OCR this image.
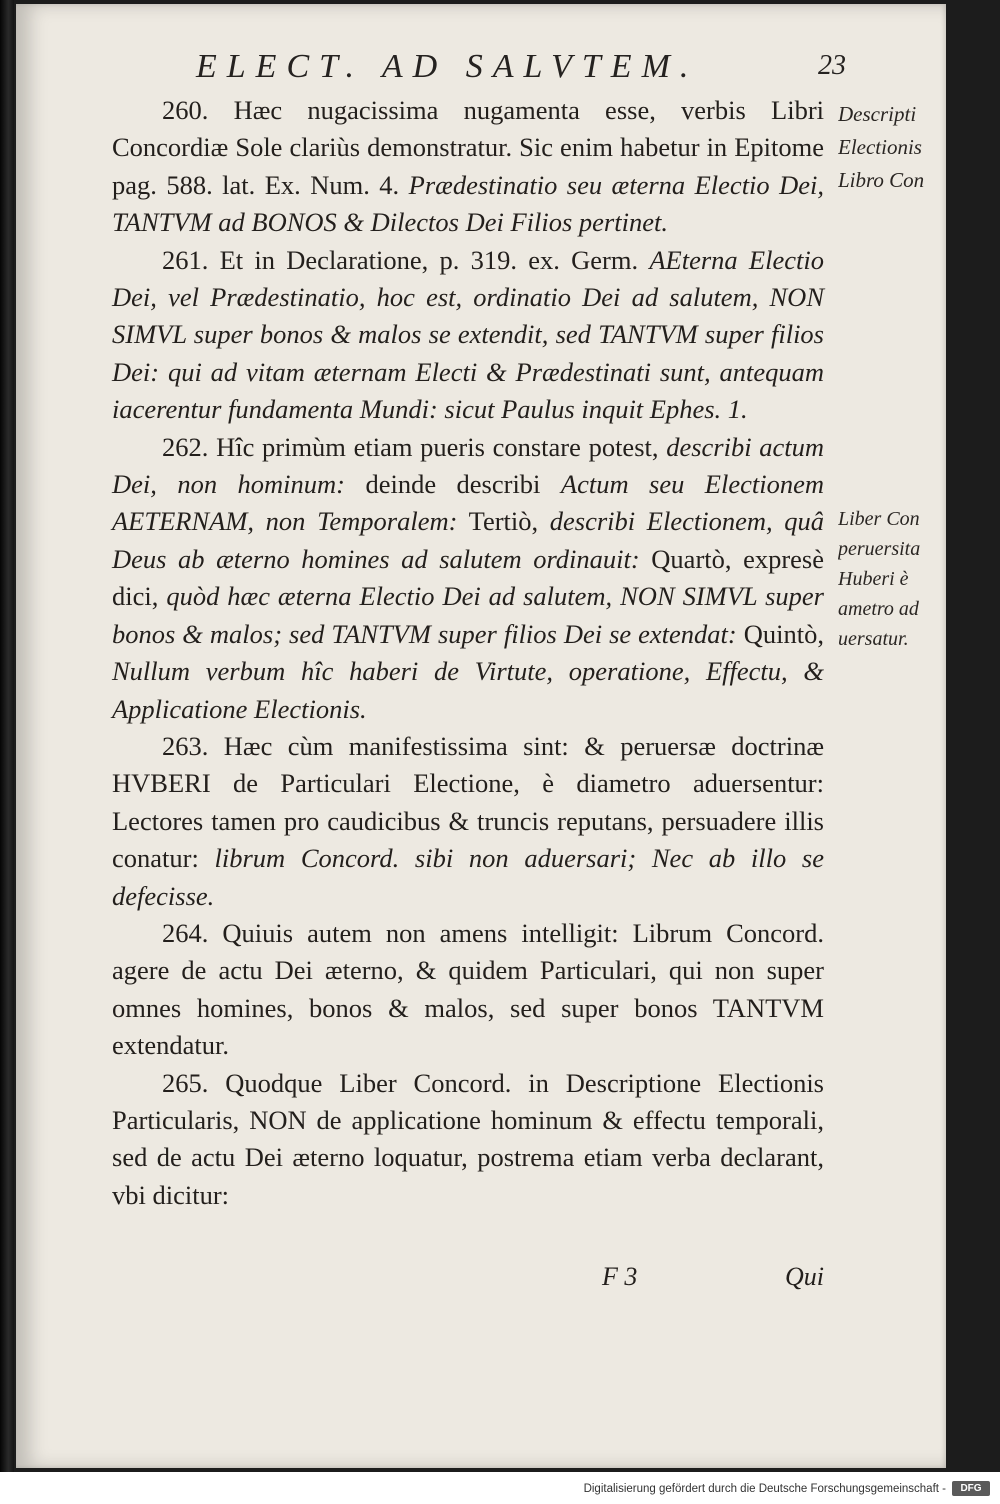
ELECT. AD SALVTEM.	23

260. Hæc nugacissima nugamenta esse, verbis Libri Concordiæ Sole clariùs demonstratur. Sic enim habetur in Epitome pag. 588. lat. Ex. Num. 4. Prædestinatio seu æterna Electio Dei, TANTVM ad BONOS & Dilectos Dei Filios pertinet.

261. Et in Declaratione, p. 319. ex. Germ. AEterna Electio Dei, vel Prædestinatio, hoc est, ordinatio Dei ad salutem, NON SIMVL super bonos & malos se extendit, sed TANTVM super filios Dei: qui ad vitam æternam Electi & Prædestinati sunt, antequam iacerentur fundamenta Mundi: sicut Paulus inquit Ephes. 1.

262. Hîc primùm etiam pueris constare potest, describi actum Dei, non hominum: deinde describi Actum seu Electionem AETERNAM, non Temporalem: Tertiò, describi Electionem, quâ Deus ab æterno homines ad salutem ordinauit: Quartò, expresè dici, quòd hæc æterna Electio Dei ad salutem, NON SIMVL super bonos & malos; sed TANTVM super filios Dei se extendat: Quintò, Nullum verbum hîc haberi de Virtute, operatione, Effectu, & Applicatione Electionis.

263. Hæc cùm manifestissima sint: & peruersæ doctrinæ HVBERI de Particulari Electione, è diametro aduersentur: Lectores tamen pro caudicibus & truncis reputans, persuadere illis conatur: librum Concord. sibi non aduersari; Nec ab illo se defecisse.

264. Quiuis autem non amens intelligit: Librum Concord. agere de actu Dei æterno, & quidem Particulari, qui non super omnes homines, bonos & malos, sed super bonos TANTVM extendatur.

265. Quodque Liber Concord. in Descriptione Electionis Particularis, NON de applicatione hominum & effectu temporali, sed de actu Dei æterno loquatur, postrema etiam verba declarant, vbi dicitur:

F 3	Qui
Descripti
Electionis
Libro Con
Liber Con
peruersita
Huberi è
ametro ad
uersatur.
Digitalisierung gefördert durch die Deutsche Forschungsgemeinschaft -	DFG
